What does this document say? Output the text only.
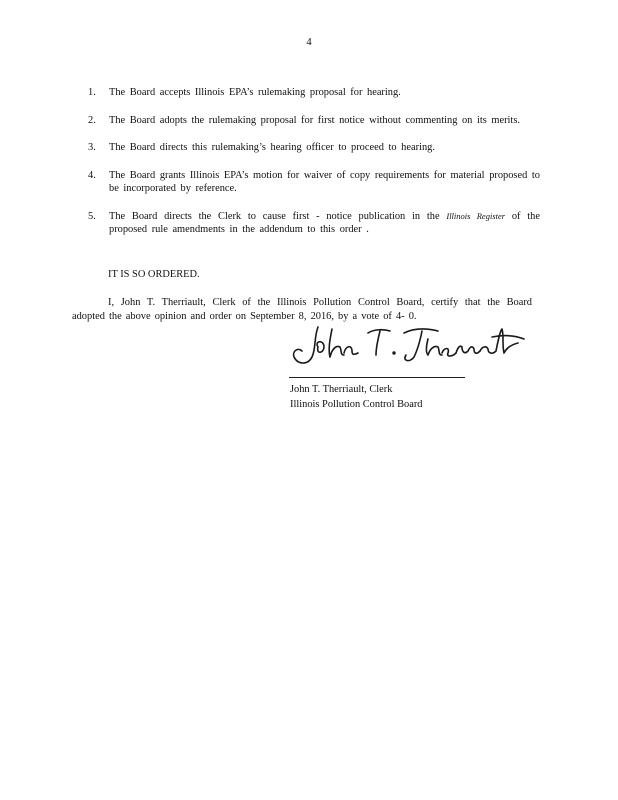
4
1. The Board accepts Illinois EPA’s rulemaking proposal for hearing.
2. The Board adopts the rulemaking proposal for first notice without commenting on its merits.
3. The Board directs this rulemaking’s hearing officer to proceed to hearing.
4. The Board grants Illinois EPA’s motion for waiver of copy requirements for material proposed to be incorporated by reference.
5. The Board directs the Clerk to cause first - notice publication in the Illinois Register of the proposed rule amendments in the addendum to this order .
IT IS SO ORDERED.

I, John T. Therriault, Clerk of the Illinois Pollution Control Board, certify that the Board adopted the above opinion and order on September 8, 2016, by a vote of 4- 0.

John T. Therriault, Clerk
Illinois Pollution Control Board
